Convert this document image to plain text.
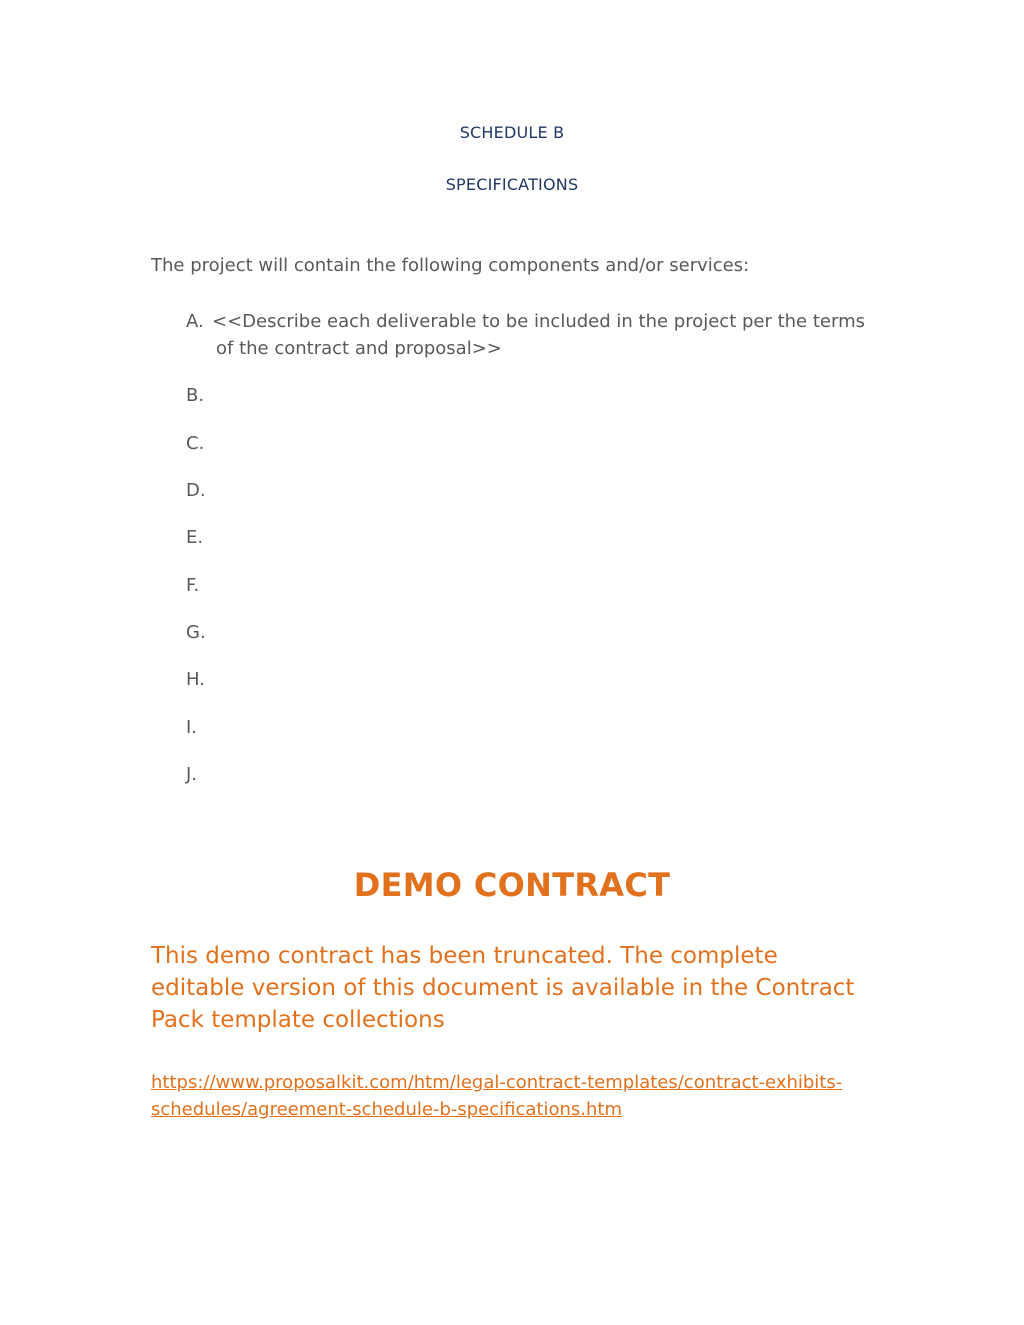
SCHEDULE B
SPECIFICATIONS
The project will contain the following components and/or services:
A. <<Describe each deliverable to be included in the project per the terms
of the contract and proposal>>
B.
C.
D.
E.
F.
G.
H.
I.
J.
DEMO CONTRACT
This demo contract has been truncated. The complete editable version of this document is available in the Contract Pack template collections
https://www.proposalkit.com/htm/legal-contract-templates/contract-exhibits-
schedules/agreement-schedule-b-specifications.htm
